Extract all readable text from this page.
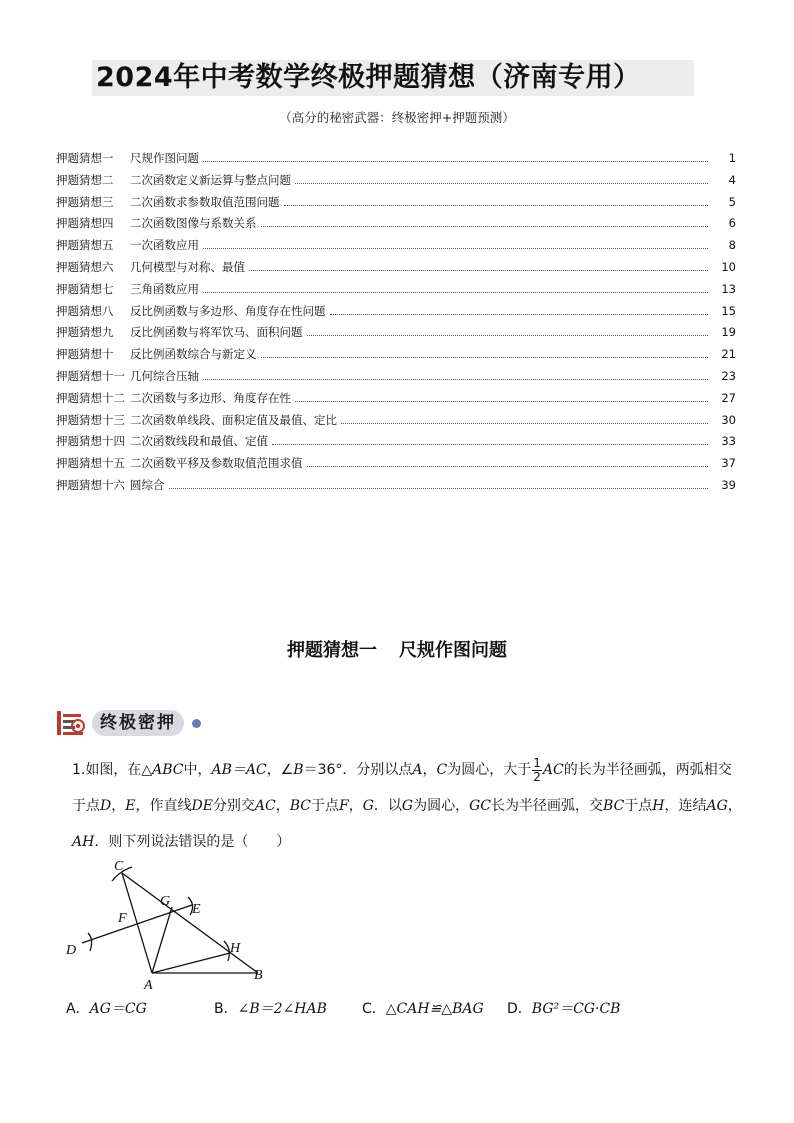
2024年中考数学终极押题猜想（济南专用）
（高分的秘密武器：终极密押+押题预测）
押题猜想一 尺规作图问题	1
押题猜想二 二次函数定义新运算与整点问题	4
押题猜想三 二次函数求参数取值范围问题	5
押题猜想四 二次函数图像与系数关系	6
押题猜想五 一次函数应用	8
押题猜想六 几何模型与对称、最值	10
押题猜想七 三角函数应用	13
押题猜想八 反比例函数与多边形、角度存在性问题	15
押题猜想九 反比例函数与将军饮马、面积问题	19
押题猜想十 反比例函数综合与新定义	21
押题猜想十一 几何综合压轴	23
押题猜想十二 二次函数与多边形、角度存在性	27
押题猜想十三 二次函数单线段、面积定值及最值、定比	30
押题猜想十四 二次函数线段和最值、定值	33
押题猜想十五 二次函数平移及参数取值范围求值	37
押题猜想十六 圆综合	39
押题猜想一 尺规作图问题
终极密押
1.如图，在△ABC中，AB＝AC，∠B＝36°．分别以点A，C为圆心，大于 $\frac{1}{2}$ AC的长为半径画弧，两弧相交于点D，E，作直线DE分别交AC，BC于点F，G．以G为圆心，GC长为半径画弧，交BC于点H，连结AG，AH．则下列说法错误的是（　　）
C
G
E
F
H
D
A
B
A．AG＝CG	B．∠B＝2∠HAB	C．△CAH≌△BAG	D．BG²＝CG·CB
